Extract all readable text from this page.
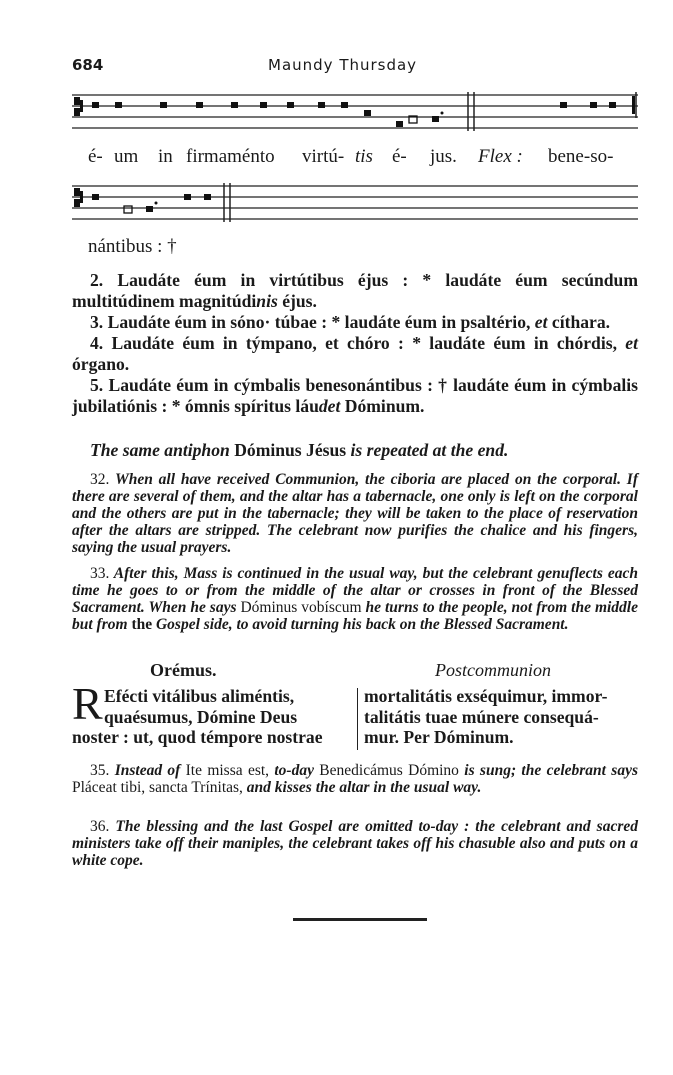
684	Maundy Thursday
é- um in firmaménto virtú- tis é- jus. Flex : bene-so-
nántibus : †

2. Laudáte éum in virtútibus éjus : * laudáte éum secúndum multitúdinem magnitúdinis éjus.

3. Laudáte éum in sóno· túbae : * laudáte éum in psaltério, et cíthara.

4. Laudáte éum in týmpano, et chóro : * laudáte éum in chórdis, et órgano.

5. Laudáte éum in cýmbalis benesonántibus : † laudáte éum in cýmbalis jubilatiónis : * ómnis spíritus láudet Dóminum.

The same antiphon Dóminus Jésus is repeated at the end.
32. When all have received Communion, the ciboria are placed on the corporal. If there are several of them, and the altar has a tabernacle, one only is left on the corporal and the others are put in the tabernacle; they will be taken to the place of reservation after the altars are stripped. The celebrant now purifies the chalice and his fingers, saying the usual prayers.
33. After this, Mass is continued in the usual way, but the celebrant genuflects each time he goes to or from the middle of the altar or crosses in front of the Blessed Sacrament. When he says Dóminus vobíscum he turns to the people, not from the middle but from the Gospel side, to avoid turning his back on the Blessed Sacrament.
Orémus.	Postcommunion
R Efécti vitálibus aliméntis,
quaésumus, Dómine Deus
noster : ut, quod témpore nostrae
mortalitátis exséquimur, immor-
talitátis tuae múnere consequá-
mur. Per Dóminum.
35. Instead of Ite missa est, to-day Benedicámus Dómino is sung; the celebrant says Pláceat tibi, sancta Trínitas, and kisses the altar in the usual way.
36. The blessing and the last Gospel are omitted to-day : the celebrant and sacred ministers take off their maniples, the celebrant takes off his chasuble also and puts on a white cope.
